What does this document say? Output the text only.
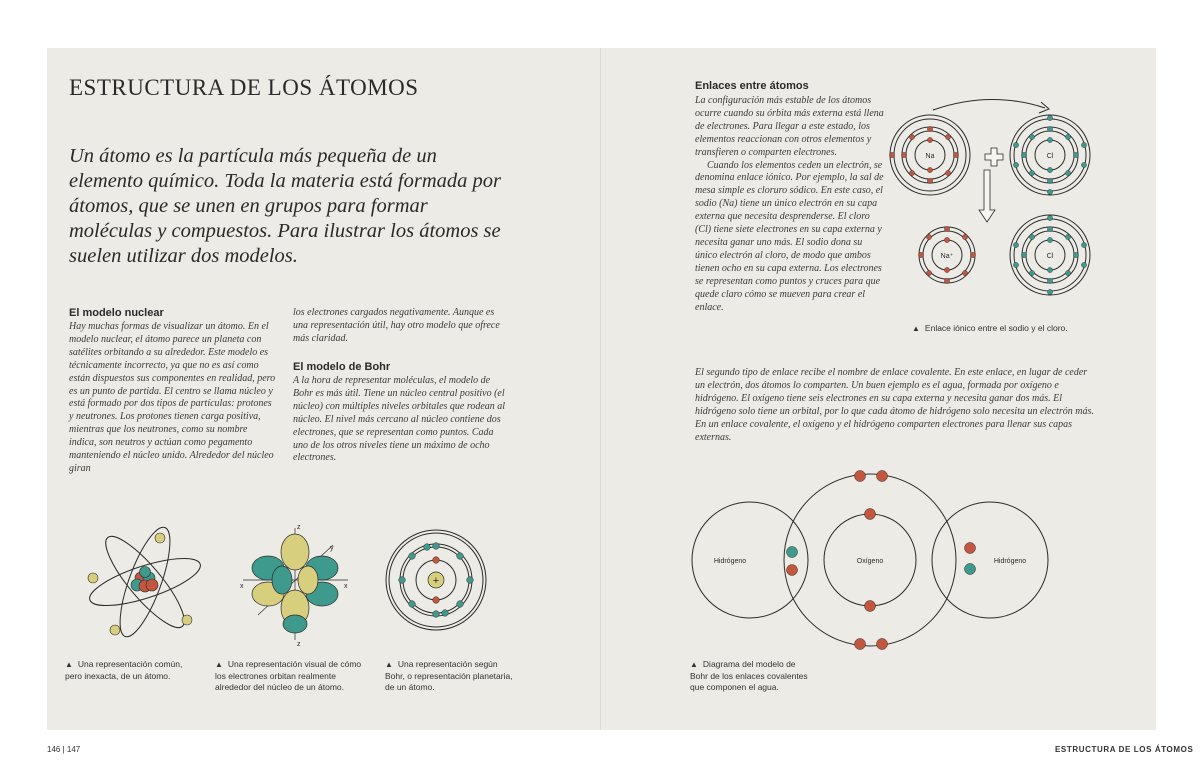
ESTRUCTURA DE LOS ÁTOMOS
Un átomo es la partícula más pequeña de un elemento químico. Toda la materia está formada por átomos, que se unen en grupos para formar moléculas y compuestos. Para ilustrar los átomos se suelen utilizar dos modelos.
El modelo nuclear
Hay muchas formas de visualizar un átomo. En el modelo nuclear, el átomo parece un planeta con satélites orbitando a su alrededor. Este modelo es técnicamente incorrecto, ya que no es así como están dispuestos sus componentes en realidad, pero es un punto de partida. El centro se llama núcleo y está formado por dos tipos de partículas: protones y neutrones. Los protones tienen carga positiva, mientras que los neutrones, como su nombre indica, son neutros y actúan como pegamento manteniendo el núcleo unido. Alrededor del núcleo giran
los electrones cargados negativamente. Aunque es una representación útil, hay otro modelo que ofrece más claridad.
El modelo de Bohr
A la hora de representar moléculas, el modelo de Bohr es más útil. Tiene un núcleo central positivo (el núcleo) con múltiples niveles orbitales que rodean al núcleo. El nivel más cercano al núcleo contiene dos electrones, que se representan como puntos. Cada uno de los otros niveles tiene un máximo de ocho electrones.
z
x	x
z
y
+
▲ Una representación común, pero inexacta, de un átomo.
▲ Una representación visual de cómo los electrones orbitan realmente alrededor del núcleo de un átomo.
▲ Una representación según Bohr, o representación planetaria, de un átomo.
146 | 147
Enlaces entre átomos
La configuración más estable de los átomos ocurre cuando su órbita más externa está llena de electrones. Para llegar a este estado, los elementos reaccionan con otros elementos y transfieren o comparten electrones.
Cuando los elementos ceden un electrón, se denomina enlace iónico. Por ejemplo, la sal de mesa simple es cloruro sódico. En este caso, el sodio (Na) tiene un único electrón en su capa externa que necesita desprenderse. El cloro (Cl) tiene siete electrones en su capa externa y necesita ganar uno más. El sodio dona su único electrón al cloro, de modo que ambos tienen ocho en su capa externa. Los electrones se representan como puntos y cruces para que quede claro cómo se mueven para crear el enlace.
Na	Cl
Na⁺	Cl
▲ Enlace iónico entre el sodio y el cloro.
El segundo tipo de enlace recibe el nombre de enlace covalente. En este enlace, en lugar de ceder un electrón, dos átomos lo comparten. Un buen ejemplo es el agua, formada por oxígeno e hidrógeno. El oxígeno tiene seis electrones en su capa externa y necesita ganar dos más. El hidrógeno solo tiene un orbital, por lo que cada átomo de hidrógeno solo necesita un electrón más. En un enlace covalente, el oxígeno y el hidrógeno comparten electrones para llenar sus capas externas.
Hidrógeno	Oxígeno	Hidrógeno
▲ Diagrama del modelo de Bohr de los enlaces covalentes que componen el agua.
ESTRUCTURA DE LOS ÁTOMOS
